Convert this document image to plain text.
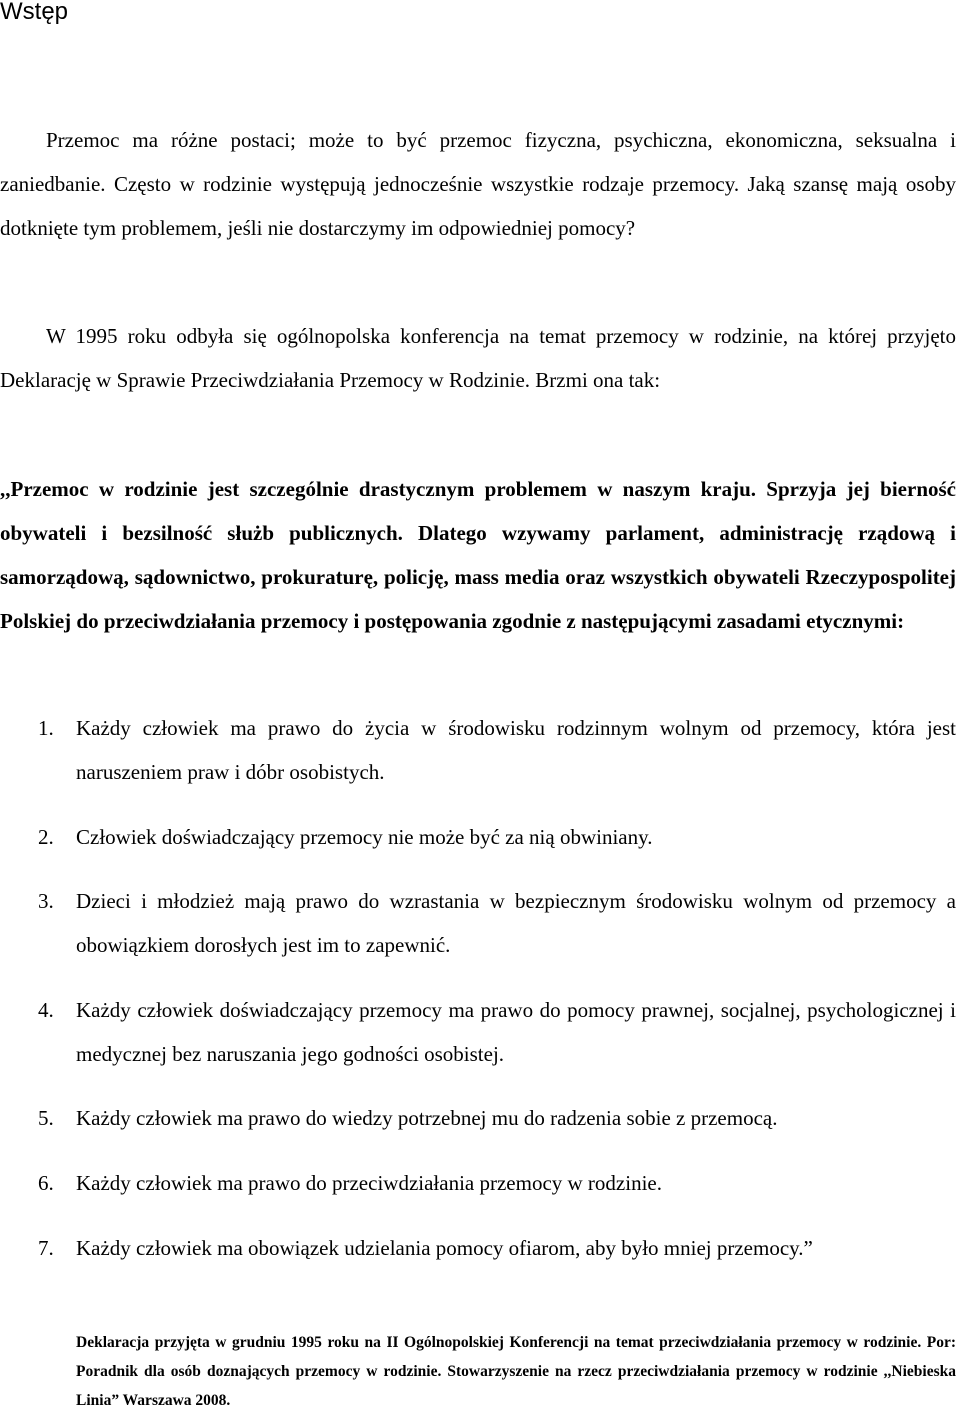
Wstęp

Przemoc ma różne postaci; może to być przemoc fizyczna, psychiczna, ekonomiczna, seksualna i zaniedbanie. Często w rodzinie występują jednocześnie wszystkie rodzaje przemocy. Jaką szansę mają osoby dotknięte tym problemem, jeśli nie dostarczymy im odpowiedniej pomocy?

W 1995 roku odbyła się ogólnopolska konferencja na temat przemocy w rodzinie, na której przyjęto Deklarację w Sprawie Przeciwdziałania Przemocy w Rodzinie. Brzmi ona tak:

,,Przemoc w rodzinie jest szczególnie drastycznym problemem w naszym kraju. Sprzyja jej bierność obywateli i bezsilność służb publicznych. Dlatego wzywamy parlament, administrację rządową i samorządową, sądownictwo, prokuraturę, policję, mass media oraz wszystkich obywateli Rzeczypospolitej Polskiej do przeciwdziałania przemocy i postępowania zgodnie z następującymi zasadami etycznymi:

1. Każdy człowiek ma prawo do życia w środowisku rodzinnym wolnym od przemocy, która jest naruszeniem praw i dóbr osobistych.
2. Człowiek doświadczający przemocy nie może być za nią obwiniany.
3. Dzieci i młodzież mają prawo do wzrastania w bezpiecznym środowisku wolnym od przemocy a obowiązkiem dorosłych jest im to zapewnić.
4. Każdy człowiek doświadczający przemocy ma prawo do pomocy prawnej, socjalnej, psychologicznej i medycznej bez naruszania jego godności osobistej.
5. Każdy człowiek ma prawo do wiedzy potrzebnej mu do radzenia sobie z przemocą.
6. Każdy człowiek ma prawo do przeciwdziałania przemocy w rodzinie.
7. Każdy człowiek ma obowiązek udzielania pomocy ofiarom, aby było mniej przemocy.”

Deklaracja przyjęta w grudniu 1995 roku na II Ogólnopolskiej Konferencji na temat przeciwdziałania przemocy w rodzinie. Por: Poradnik dla osób doznających przemocy w rodzinie. Stowarzyszenie na rzecz przeciwdziałania przemocy w rodzinie ,,Niebieska Linia” Warszawa 2008.
